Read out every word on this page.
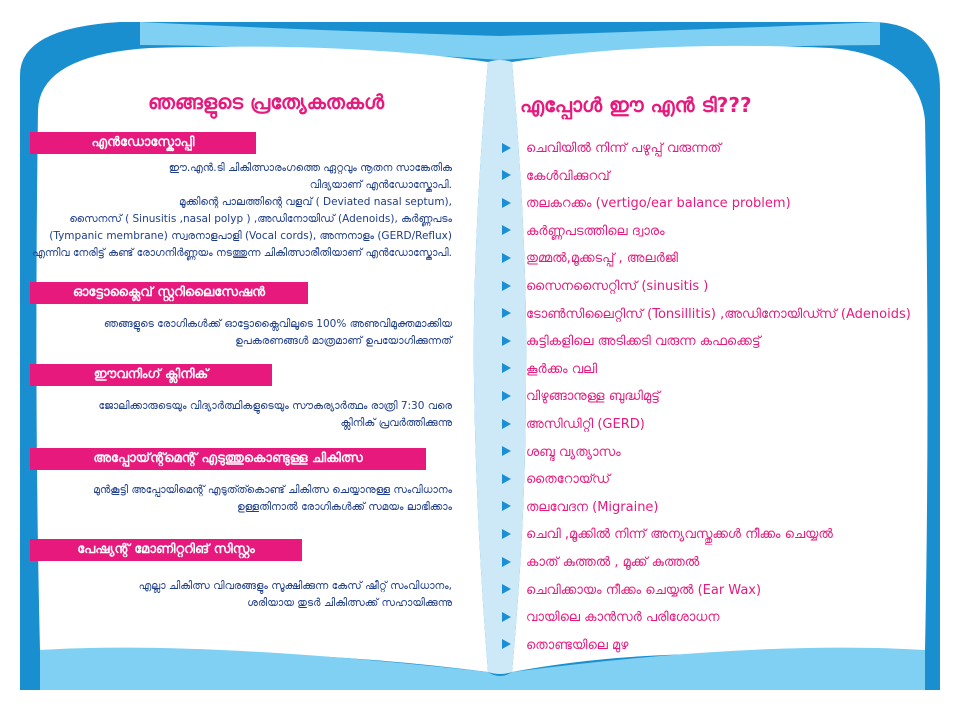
ഞങ്ങളുടെ പ്രത്യേകതകൾ
എൻഡോസ്കോപ്പി
ഈ.എൻ.ടി ചികിത്സാരംഗത്തെ ഏറ്റവും നൂതന സാങ്കേതിക
വിദ്യയാണ് എൻഡോസ്കോപി.
മൂക്കിന്റെ പാലത്തിന്റെ വളവ് ( Deviated nasal septum),
സൈനസ് ( Sinusitis ,nasal polyp ) ,അഡിനോയിഡ് (Adenoids), കർണ്ണപടം
(Tympanic membrane) സ്വരനാളപാളി (Vocal cords), അന്നനാളം (GERD/Reflux)
എന്നിവ നേരിട്ട് കണ്ട് രോഗനിർണ്ണയം നടത്തുന്ന ചികിത്സാരീതിയാണ് എൻഡോസ്കോപി.
ഓട്ടോക്ലൈവ് സ്റ്ററിലൈസേഷൻ
ഞങ്ങളുടെ രോഗികൾക്ക് ഓട്ടോക്ലൈവിലൂടെ 100% അണുവിമുക്തമാക്കിയ
ഉപകരണങ്ങൾ മാത്രമാണ് ഉപയോഗിക്കുന്നത്
ഈവനിംഗ് ക്ലിനിക്
ജോലിക്കാരുടെയും വിദ്യാർത്ഥികളുടെയും സൗകര്യാർത്ഥം രാത്രി 7:30 വരെ
ക്ലിനിക് പ്രവർത്തിക്കുന്നു
അപ്പോയ്ന്റ്മെന്റ് എടുത്തുകൊണ്ടുള്ള ചികിത്സ
മുൻകൂട്ടി അപ്പോയിമെന്റ് എടുത്ത്കൊണ്ട് ചികിത്സ ചെയ്യാനുള്ള സംവിധാനം
ഉള്ളതിനാൽ രോഗികൾക്ക് സമയം ലാഭിക്കാം
പേഷ്യന്റ് മോണിറ്ററിങ് സിസ്റ്റം
എല്ലാ ചികിത്സ വിവരങ്ങളും സൂക്ഷിക്കുന്ന കേസ് ഷീറ്റ് സംവിധാനം,
ശരിയായ തുടർ ചികിത്സക്ക് സഹായിക്കുന്നു
എപ്പോൾ ഈ എൻ ടി???
ചെവിയിൽ നിന്ന് പഴുപ്പ് വരുന്നത്
കേൾവിക്കുറവ്
തലകറക്കം (vertigo/ear balance problem)
കർണ്ണപടത്തിലെ ദ്വാരം
തുമ്മൽ,മൂക്കടപ്പ് , അലർജി
സൈനസൈറ്റിസ് (sinusitis )
ടോൺസിലൈറ്റിസ് (Tonsillitis) ,അഡിനോയിഡ്സ് (Adenoids)
കുട്ടികളിലെ അടിക്കടി വരുന്ന കഫക്കെട്ട്
കൂർക്കം വലി
വിഴുങ്ങാനുള്ള ബുദ്ധിമുട്ട്
അസിഡിറ്റി (GERD)
ശബ്ദ വ്യത്യാസം
തൈറോയ്ഡ്
തലവേദന (Migraine)
ചെവി ,മൂക്കിൽ നിന്ന് അന്യവസ്തുക്കൾ നീക്കം ചെയ്യൽ
കാത് കുത്തൽ , മൂക്ക് കുത്തൽ
ചെവിക്കായം നീക്കം ചെയ്യൽ (Ear Wax)
വായിലെ കാൻസർ പരിശോധന
തൊണ്ടയിലെ മുഴ
